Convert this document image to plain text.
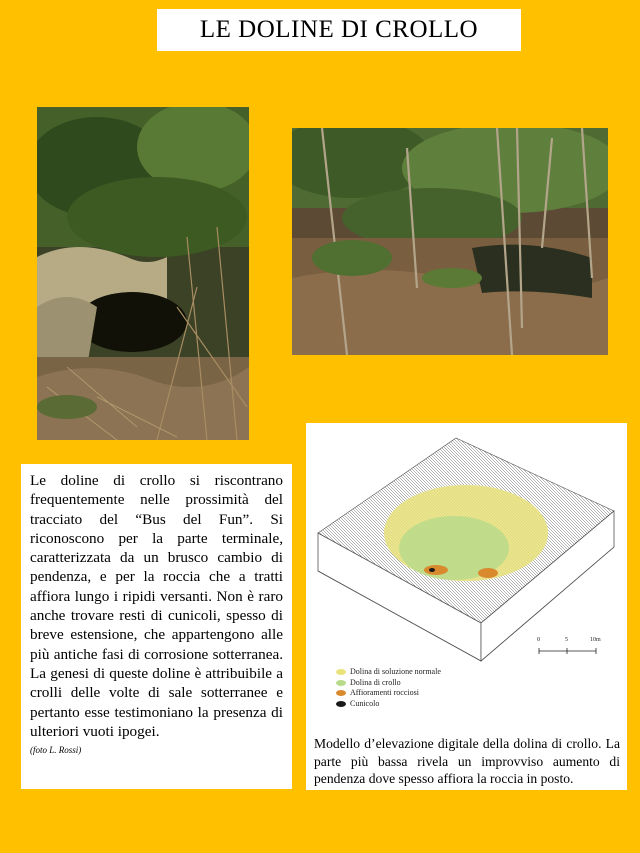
LE DOLINE DI CROLLO

Le doline di crollo si riscontrano frequentemente nelle prossimità del tracciato del “Bus del Fun”. Si riconoscono per la parte terminale, caratterizzata da un brusco cambio di pendenza, e per la roccia che a tratti affiora lungo i ripidi versanti. Non è raro anche trovare resti di cunicoli, spesso di breve estensione, che appartengono alle più antiche fasi di corrosione sotterranea. La genesi di queste doline è attribuibile a crolli delle volte di sale sotterranee e pertanto esse testimoniano la presenza di ulteriori vuoti ipogei.

(foto L. Rossi)
0	5	10m
Dolina di soluzione normale
Dolina di crollo
Affioramenti rocciosi
Cunicolo
Modello d’elevazione digitale della dolina di crollo. La parte più bassa rivela un improvviso aumento di pendenza dove spesso affiora la roccia in posto.
